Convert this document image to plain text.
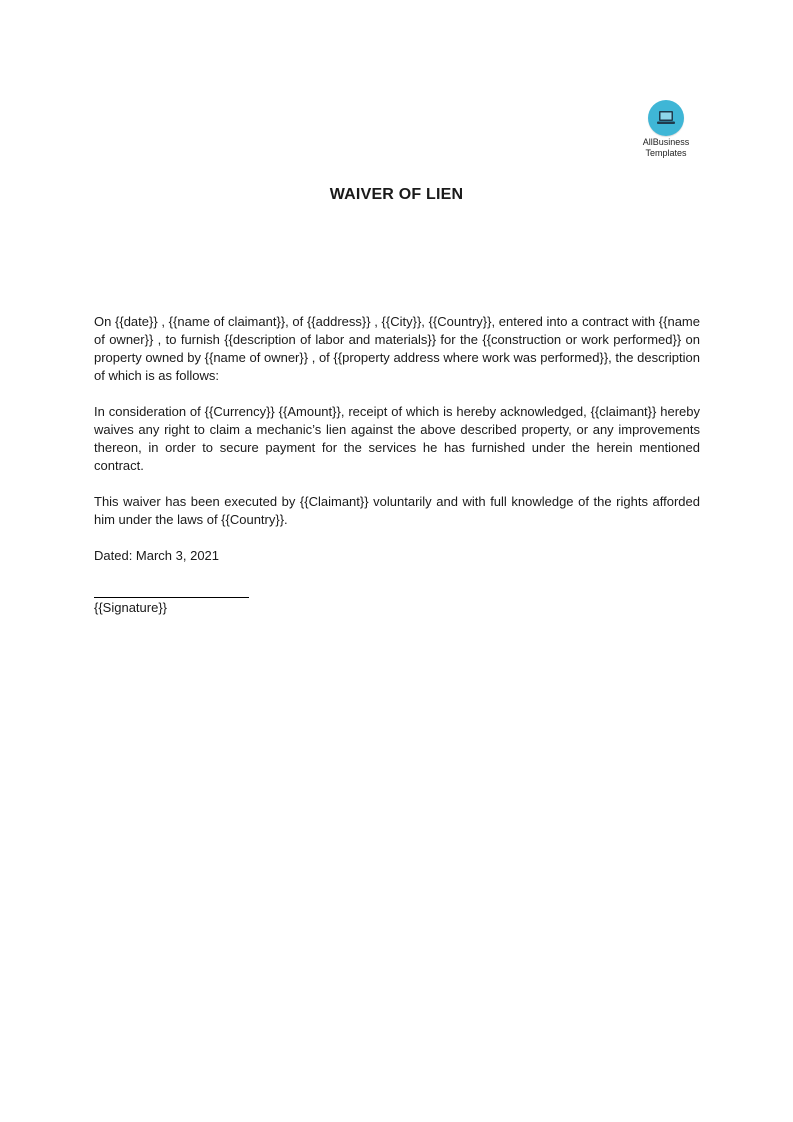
AllBusiness
Templates
WAIVER OF LIEN

On {{date}} , {{name of claimant}}, of {{address}} , {{City}}, {{Country}}, entered into a contract with {{name of owner}} , to furnish {{description of labor and materials}} for the {{construction or work performed}} on property owned by {{name of owner}} , of {{property address where work was performed}}, the description of which is as follows:

In consideration of {{Currency}} {{Amount}}, receipt of which is hereby acknowledged, {{claimant}} hereby waives any right to claim a mechanic’s lien against the above described property, or any improvements thereon, in order to secure payment for the services he has furnished under the herein mentioned contract.

This waiver has been executed by {{Claimant}} voluntarily and with full knowledge of the rights afforded him under the laws of {{Country}}.

Dated: March 3, 2021

{{Signature}}
